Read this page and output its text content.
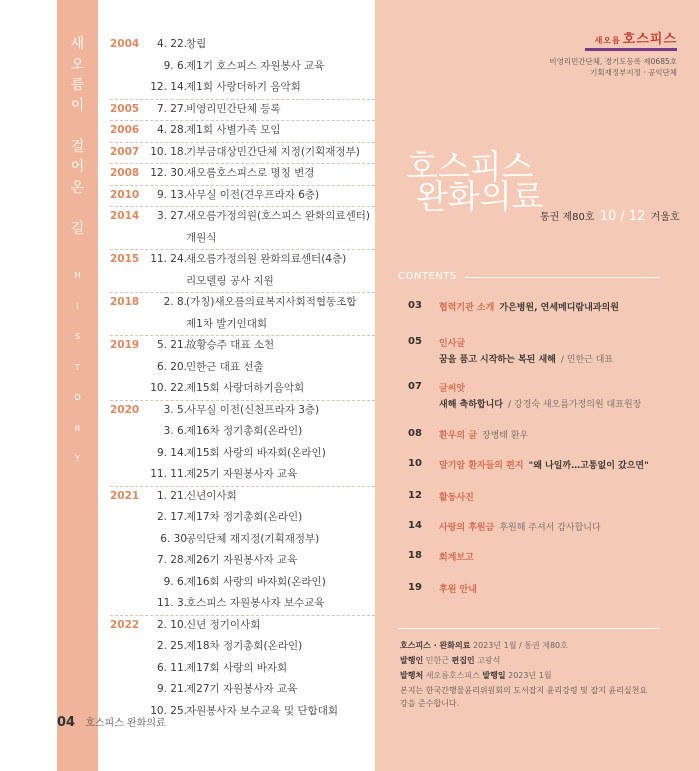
새
오
름
이

걸
어
온

길
H
I
S
T
O
R
Y
2004	4. 22. 창립
9. 6. 제1기 호스피스 자원봉사 교육
12. 14. 제1회 사랑더하기 음악회
2005	7. 27. 비영리민간단체 등록
2006	4. 28. 제1회 사별가족 모임
2007	10. 18. 기부금대상민간단체 지정(기획재정부)
2008	12. 30. 새오름호스피스로 명칭 변경
2010	9. 13. 사무실 이전(견우프라자 6층)
2014	3. 27. 새오름가정의원(호스피스 완화의료센터)
개원식
2015	11. 24. 새오름가정의원 완화의료센터(4층)
리모델링 공사 지원
2018	2. 8. (가칭)새오름의료복지사회적협동조합
제1차 발기인대회
2019	5. 21. 故황승주 대표 소천
6. 20. 민한근 대표 선출
10. 22. 제15회 사랑더하기음악회
2020	3. 5. 사무실 이전(신천프라자 3층)
3. 6. 제16차 정기총회(온라인)
9. 14. 제15회 사랑의 바자회(온라인)
11. 11. 제25기 자원봉사자 교육
2021	1. 21. 신년이사회
2. 17. 제17차 정기총회(온라인)
6. 30 공익단체 재지정(기획재정부)
7. 28. 제26기 자원봉사자 교육
9. 6. 제16회 사랑의 바자회(온라인)
11. 3. 호스피스 자원봉사자 보수교육
2022	2. 10. 신년 정기이사회
2. 25. 제18차 정기총회(온라인)
6. 11. 제17회 사랑의 바자회
9. 21. 제27기 자원봉사자 교육
10. 25. 자원봉사자 보수교육 및 단합대회
04 호스피스 완화의료
새오름 호스피스
비영리민간단체, 경기도등록 제0685호
기획재정부지정 · 공익단체
호스피스
완화의료
통권 제80호 10 / 12 겨울호
CONTENTS
03	협력기관 소개 가은병원, 연세메디람내과의원
05	인사글
꿈을 품고 시작하는 복된 새해 / 민한근 대표
07	글씨앗
새해 축하합니다 / 강경숙 새오름가정의원 대표원장
08	환우의 글 장병태 환우
10	말기암 환자들의 편지 "왜 나일까…고통없이 갔으면"
12	활동사진
14	사랑의 후원금 후원해 주셔서 감사합니다
18	회계보고
19	후원 안내
호스피스 · 완화의료 2023년 1월 / 통권 제80호
발행인 민한근 편집인 고광석
발행처 새오름호스피스 발행일 2023년 1월
본지는 한국간행물윤리위원회의 도서잡지 윤리강령 및 잡지 윤리실천요강을 준수합니다.
